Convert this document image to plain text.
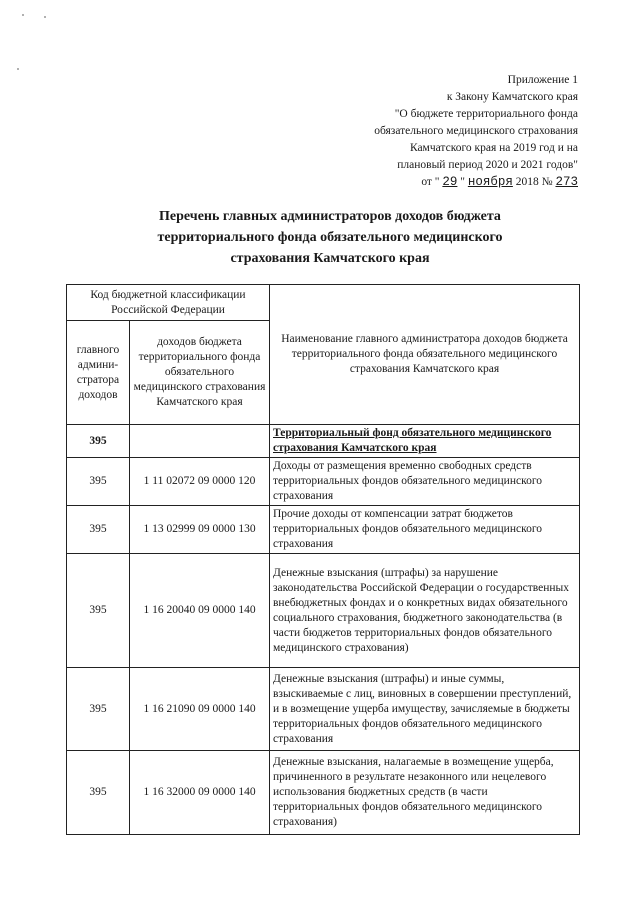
Приложение 1
к Закону Камчатского края
"О бюджете территориального фонда
обязательного медицинского страхования
Камчатского края на 2019 год и на
плановый период 2020 и 2021 годов"
от " 29 " ноября 2018 № 273
Перечень главных администраторов доходов бюджета
территориального фонда обязательного медицинского
страхования Камчатского края
Код бюджетной классификации Российской Федерации		Наименование главного администратора доходов бюджета территориального фонда обязательного медицинского страхования Камчатского края
главного админи- стратора доходов	доходов бюджета территориального фонда обязательного медицинского страхования Камчатского края	
395		Территориальный фонд обязательного медицинского страхования Камчатского края
395	1 11 02072 09 0000 120	Доходы от размещения временно свободных средств территориальных фондов обязательного медицинского страхования
395	1 13 02999 09 0000 130	Прочие доходы от компенсации затрат бюджетов территориальных фондов обязательного медицинского страхования
395	1 16 20040 09 0000 140	Денежные взыскания (штрафы) за нарушение законодательства Российской Федерации о государственных внебюджетных фондах и о конкретных видах обязательного социального страхования, бюджетного законодательства (в части бюджетов территориальных фондов обязательного медицинского страхования)
395	1 16 21090 09 0000 140	Денежные взыскания (штрафы) и иные суммы, взыскиваемые с лиц, виновных в совершении преступлений, и в возмещение ущерба имуществу, зачисляемые в бюджеты территориальных фондов обязательного медицинского страхования
395	1 16 32000 09 0000 140	Денежные взыскания, налагаемые в возмещение ущерба, причиненного в результате незаконного или нецелевого использования бюджетных средств (в части территориальных фондов обязательного медицинского страхования)
